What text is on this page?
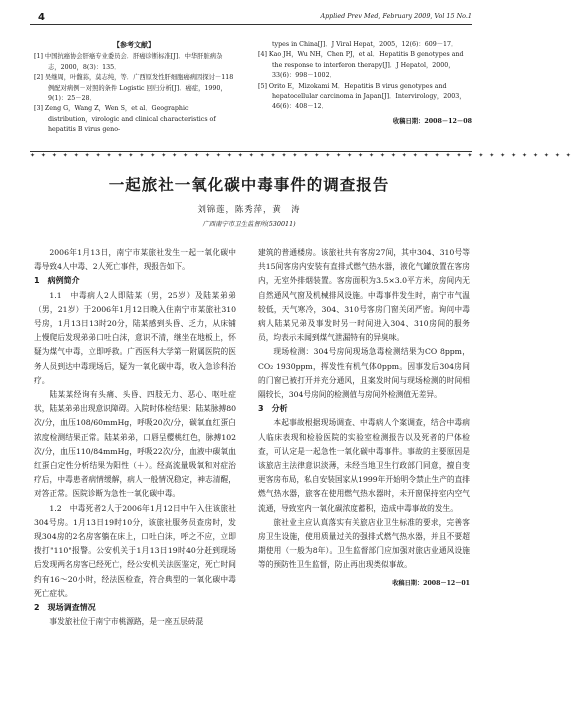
4	Applied Prev Med, February 2009, Vol 15 No.1

【参考文献】

[1] 中国抗癌协会肝癌专业委员会．肝癌诊断标准[J]．中华肝脏病杂志，2000，8(3)：135．

[2] 吴继周，叶馥荪，莫志纯，等．广西原发性肝细胞癌病因探讨－118例配对病例－对照的条件 Logistic 回归分析[J]．癌症，1990，9(1)：25－28．

[3] Zeng G，Wang Z，Wen S，et al．Geographic distribution，virologic and clinical characteristics of hepatitis B virus geno-

types in China[J]．J Viral Hepat，2005，12(6)：609－17．

[4] Kao JH，Wu NH，Chen PJ，et al．Hepatitis B genotypes and the response to interferon therapy[J]．J Hepatol，2000，33(6)：998－1002．

[5] Orito E，Mizokami M．Hepatitis B virus genotypes and hepatocellular carcinoma in Japan[J]．Intervirology，2003，46(6)：408－12．

收稿日期：2008－12－08

✦ ✦ ✦ ✦ ✦ ✦ ✦ ✦ ✦ ✦ ✦ ✦ ✦ ✦ ✦ ✦ ✦ ✦ ✦ ✦ ✦ ✦ ✦ ✦ ✦ ✦ ✦ ✦ ✦ ✦ ✦ ✦ ✦ ✦ ✦ ✦ ✦ ✦ ✦ ✦ ✦ ✦ ✦ ✦ ✦ ✦ ✦ ✦ ✦ ✦
一起旅社一氧化碳中毒事件的调查报告
刘锦莲，陈秀萍，黄　涛
广西南宁市卫生监督所(530011)

2006年1月13日，南宁市某旅社发生一起一氧化碳中毒导致4人中毒、2人死亡事件，现报告如下。

1　病例简介

1.1　中毒病人2人即陆某（男，25岁）及陆某弟弟（男，21岁）于2006年1月12日晚入住南宁市某旅社310号房，1月13日13时20分，陆某感到头昏、乏力，从床铺上慢爬后发现弟弟口吐白沫，意识不清，继坐在地板上，怀疑为煤气中毒，立即呼救。广西医科大学第一附属医院的医务人员到达中毒现场后，疑为一氧化碳中毒，收入急诊科治疗。

陆某某经询有头痛、头昏、四肢无力、恶心、呕吐症状，陆某弟弟出现意识障碍。入院时体检结果：陆某脉搏80次/分，血压108/60mmHg，呼吸20次/分，碳氧血红蛋白浓度检测结果正常。陆某弟弟，口唇呈樱桃红色，脉搏102次/分，血压110/84mmHg，呼吸22次/分，血液中碳氧血红蛋白定性分析结果为阳性（＋）。经高流量吸氧和对症治疗后，中毒患者病情缓解，病人一般情况稳定，神志清醒，对答正常。医院诊断为急性一氧化碳中毒。

1.2　中毒死者2人于2006年1月12日中午入住该旅社304号房。1月13日19时10分，该旅社服务员查房时，发现304房的2名房客躺在床上，口吐白沫，呼之不应，立即拨打"110"报警。公安机关于1月13日19时40分赶到现场后发现两名房客已经死亡，经公安机关法医鉴定，死亡时间约有16～20小时，经法医检查，符合典型的一氧化碳中毒死亡症状。

2　现场调查情况

事发旅社位于南宁市桃源路，是一座五层砖混

建筑的普通楼房。该旅社共有客房27间，其中304、310号等共15间客房内安装有直排式燃气热水器，液化气罐放置在客房内，无室外排烟装置。客房面积为3.5×3.0平方米，房间内无自然通风气窗及机械排风设施。中毒事件发生时，南宁市气温较低，天气寒冷，304、310号客房门窗关闭严密。询问中毒病人陆某兄弟及事发时另一时间进入304、310房间的服务员，均表示未闻到煤气泄漏特有的异臭味。

现场检测：304号房间现场急毒检测结果为CO 8ppm，CO₂ 1930ppm，挥发性有机气体0ppm。因事发后304房间的门窗已被打开并充分通风，且案发时间与现场检测的时间相隔较长，304号房间的检测值与房间外检测值无差异。

3　分析

本起事故根据现场调查、中毒病人个案调查，结合中毒病人临床表现和检验医院的实验室检测报告以及死者的尸体检查，可认定是一起急性一氧化碳中毒事件。事故的主要原因是该旅店主法律意识淡薄，未经当地卫生行政部门同意，擅自变更客房布局，私自安装国家从1999年开始明令禁止生产的直排燃气热水器，旅客在使用燃气热水器时，未开窗保持室内空气流通，导致室内一氧化碳浓度蓄积，造成中毒事故的发生。

旅社业主应认真落实有关旅店业卫生标准的要求，完善客房卫生设施，使用质量过关的强排式燃气热水器，并且不要超期使用（一般为8年）。卫生监督部门应加强对旅店业通风设施等的预防性卫生监督，防止再出现类似事故。

收稿日期：2008－12－01
